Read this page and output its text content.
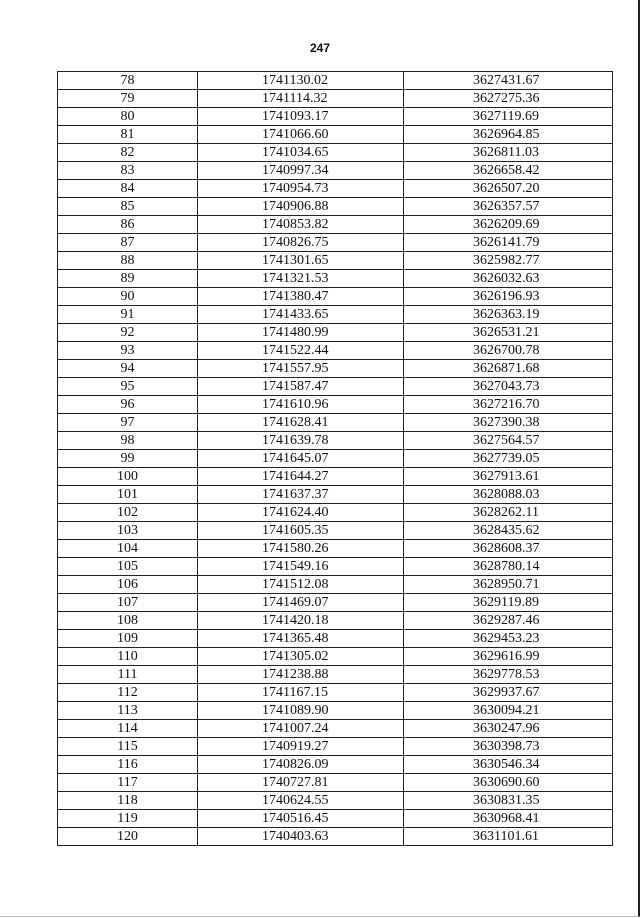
247
78	1741130.02	3627431.67
79	1741114.32	3627275.36
80	1741093.17	3627119.69
81	1741066.60	3626964.85
82	1741034.65	3626811.03
83	1740997.34	3626658.42
84	1740954.73	3626507.20
85	1740906.88	3626357.57
86	1740853.82	3626209.69
87	1740826.75	3626141.79
88	1741301.65	3625982.77
89	1741321.53	3626032.63
90	1741380.47	3626196.93
91	1741433.65	3626363.19
92	1741480.99	3626531.21
93	1741522.44	3626700.78
94	1741557.95	3626871.68
95	1741587.47	3627043.73
96	1741610.96	3627216.70
97	1741628.41	3627390.38
98	1741639.78	3627564.57
99	1741645.07	3627739.05
100	1741644.27	3627913.61
101	1741637.37	3628088.03
102	1741624.40	3628262.11
103	1741605.35	3628435.62
104	1741580.26	3628608.37
105	1741549.16	3628780.14
106	1741512.08	3628950.71
107	1741469.07	3629119.89
108	1741420.18	3629287.46
109	1741365.48	3629453.23
110	1741305.02	3629616.99
111	1741238.88	3629778.53
112	1741167.15	3629937.67
113	1741089.90	3630094.21
114	1741007.24	3630247.96
115	1740919.27	3630398.73
116	1740826.09	3630546.34
117	1740727.81	3630690.60
118	1740624.55	3630831.35
119	1740516.45	3630968.41
120	1740403.63	3631101.61
